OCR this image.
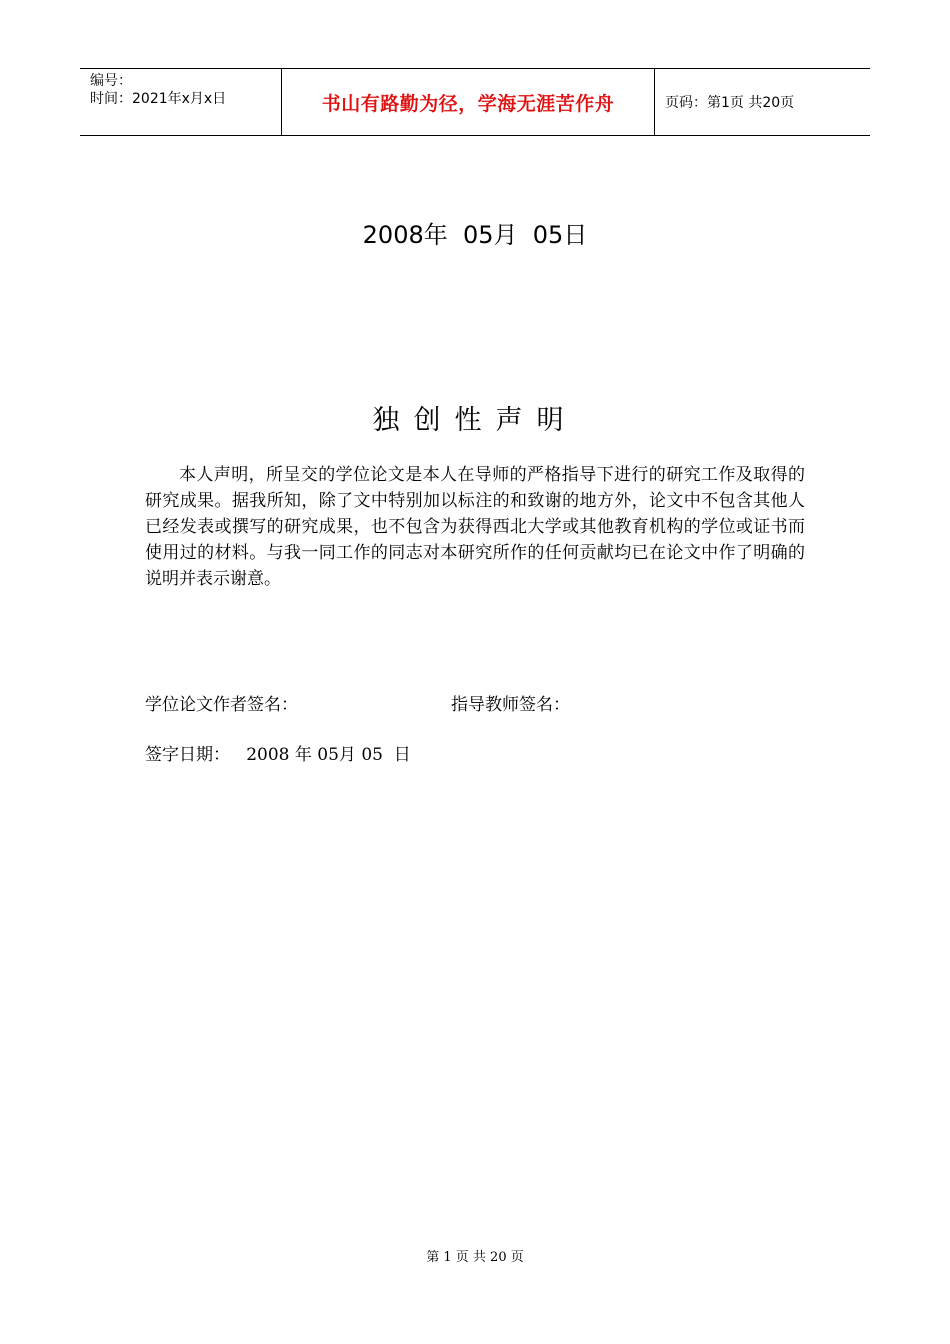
编号：
时间：2021年x月x日	书山有路勤为径，学海无涯苦作舟	页码：第1页 共20页
2008年  05月  05日
独创性声明

本人声明，所呈交的学位论文是本人在导师的严格指导下进行的研究工作及取得的研究成果。据我所知，除了文中特别加以标注的和致谢的地方外，论文中不包含其他人已经发表或撰写的研究成果，也不包含为获得西北大学或其他教育机构的学位或证书而使用过的材料。与我一同工作的同志对本研究所作的任何贡献均已在论文中作了明确的说明并表示谢意。

学位论文作者签名：	指导教师签名：
签字日期：   2008 年 05月 05  日
第 1 页 共 20 页
